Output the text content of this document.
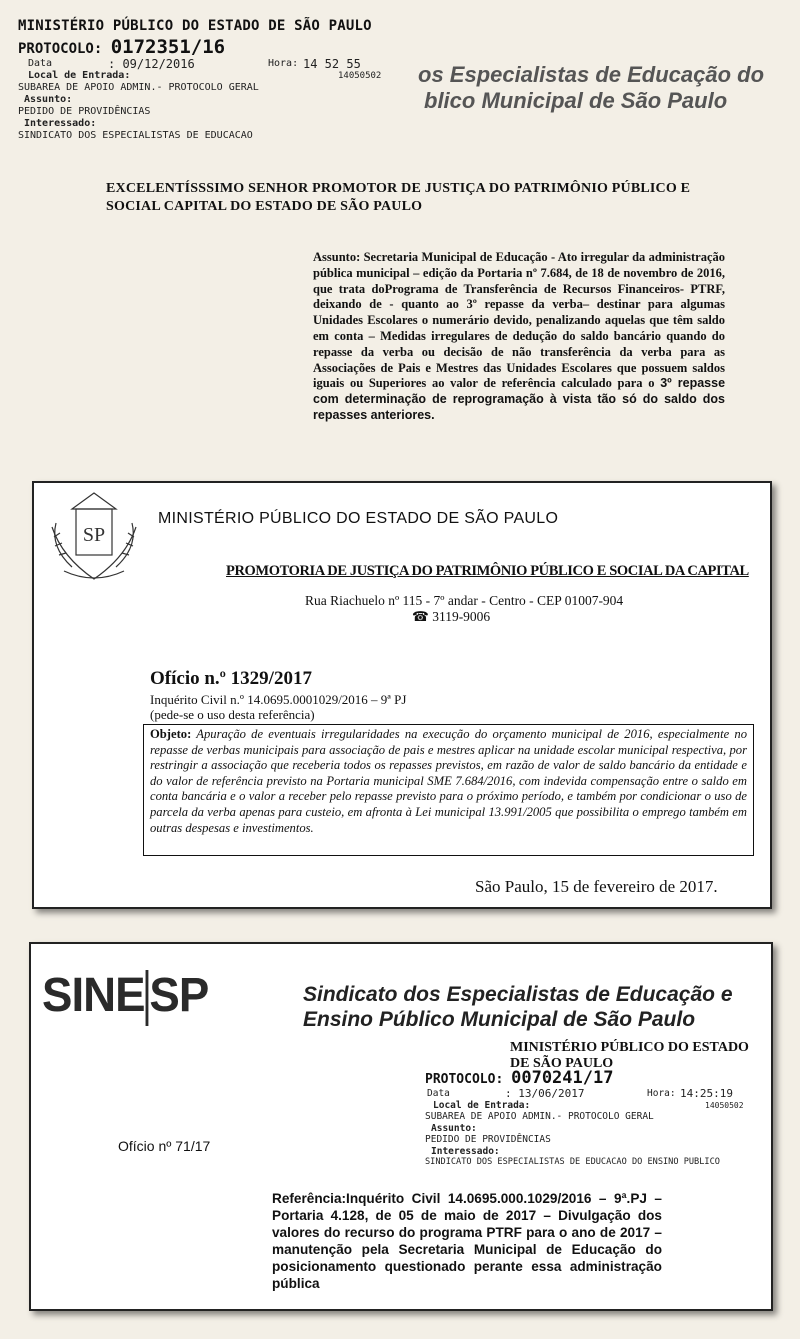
MINISTÉRIO PÚBLICO DO ESTADO DE SÃO PAULO
PROTOCOLO: 0172351/16
Data	: 09/12/2016	Hora: 14 52 55
Local de Entrada:	14050502
SUBAREA DE APOIO ADMIN.- PROTOCOLO GERAL
Assunto:
PEDIDO DE PROVIDÊNCIAS
Interessado:
SINDICATO DOS ESPECIALISTAS DE EDUCACAO
os Especialistas de Educação do
blico Municipal de São Paulo
EXCELENTÍSSSIMO SENHOR PROMOTOR DE JUSTIÇA DO PATRIMÔNIO PÚBLICO E SOCIAL CAPITAL DO ESTADO DE SÃO PAULO
Assunto: Secretaria Municipal de Educação - Ato irregular da administração pública municipal – edição da Portaria nº 7.684, de 18 de novembro de 2016, que trata doPrograma de Transferência de Recursos Financeiros- PTRF, deixando de - quanto ao 3º repasse da verba– destinar para algumas Unidades Escolares o numerário devido, penalizando aquelas que têm saldo em conta – Medidas irregulares de dedução do saldo bancário quando do repasse da verba ou decisão de não transferência da verba para as Associações de Pais e Mestres das Unidades Escolares que possuem saldos iguais ou Superiores ao valor de referência calculado para o 3º repasse com determinação de reprogramação à vista tão só do saldo dos repasses anteriores.
SP
MINISTÉRIO PÚBLICO DO ESTADO DE SÃO PAULO
PROMOTORIA DE JUSTIÇA DO PATRIMÔNIO PÚBLICO E SOCIAL DA CAPITAL
Rua Riachuelo nº 115 - 7º andar - Centro - CEP 01007-904
☎ 3119-9006
Ofício n.º 1329/2017
Inquérito Civil n.º 14.0695.0001029/2016 – 9ª PJ
(pede-se o uso desta referência)
Objeto: Apuração de eventuais irregularidades na execução do orçamento municipal de 2016, especialmente no repasse de verbas municipais para associação de pais e mestres aplicar na unidade escolar municipal respectiva, por restringir a associação que receberia todos os repasses previstos, em razão de valor de saldo bancário da entidade e do valor de referência previsto na Portaria municipal SME 7.684/2016, com indevida compensação entre o saldo em conta bancária e o valor a receber pelo repasse previsto para o próximo período, e também por condicionar o uso de parcela da verba apenas para custeio, em afronta à Lei municipal 13.991/2005 que possibilita o emprego também em outras despesas e investimentos.
São Paulo, 15 de fevereiro de 2017.
SINESP	Sindicato dos Especialistas de Educação e
Ensino Público Municipal de São Paulo
MINISTÉRIO PÚBLICO DO ESTADO DE SÃO PAULO
PROTOCOLO: 0070241/17
Data	: 13/06/2017	Hora: 14:25:19
Local de Entrada:	14050502
SUBAREA DE APOIO ADMIN.- PROTOCOLO GERAL
Assunto:
PEDIDO DE PROVIDÊNCIAS
Interessado:
SINDICATO DOS ESPECIALISTAS DE EDUCACAO DO ENSINO PUBLICO
Ofício nº 71/17
Referência:Inquérito Civil 14.0695.000.1029/2016 – 9ª.PJ – Portaria 4.128, de 05 de maio de 2017 – Divulgação dos valores do recurso do programa PTRF para o ano de 2017 – manutenção pela Secretaria Municipal de Educação do posicionamento questionado perante essa administração pública
